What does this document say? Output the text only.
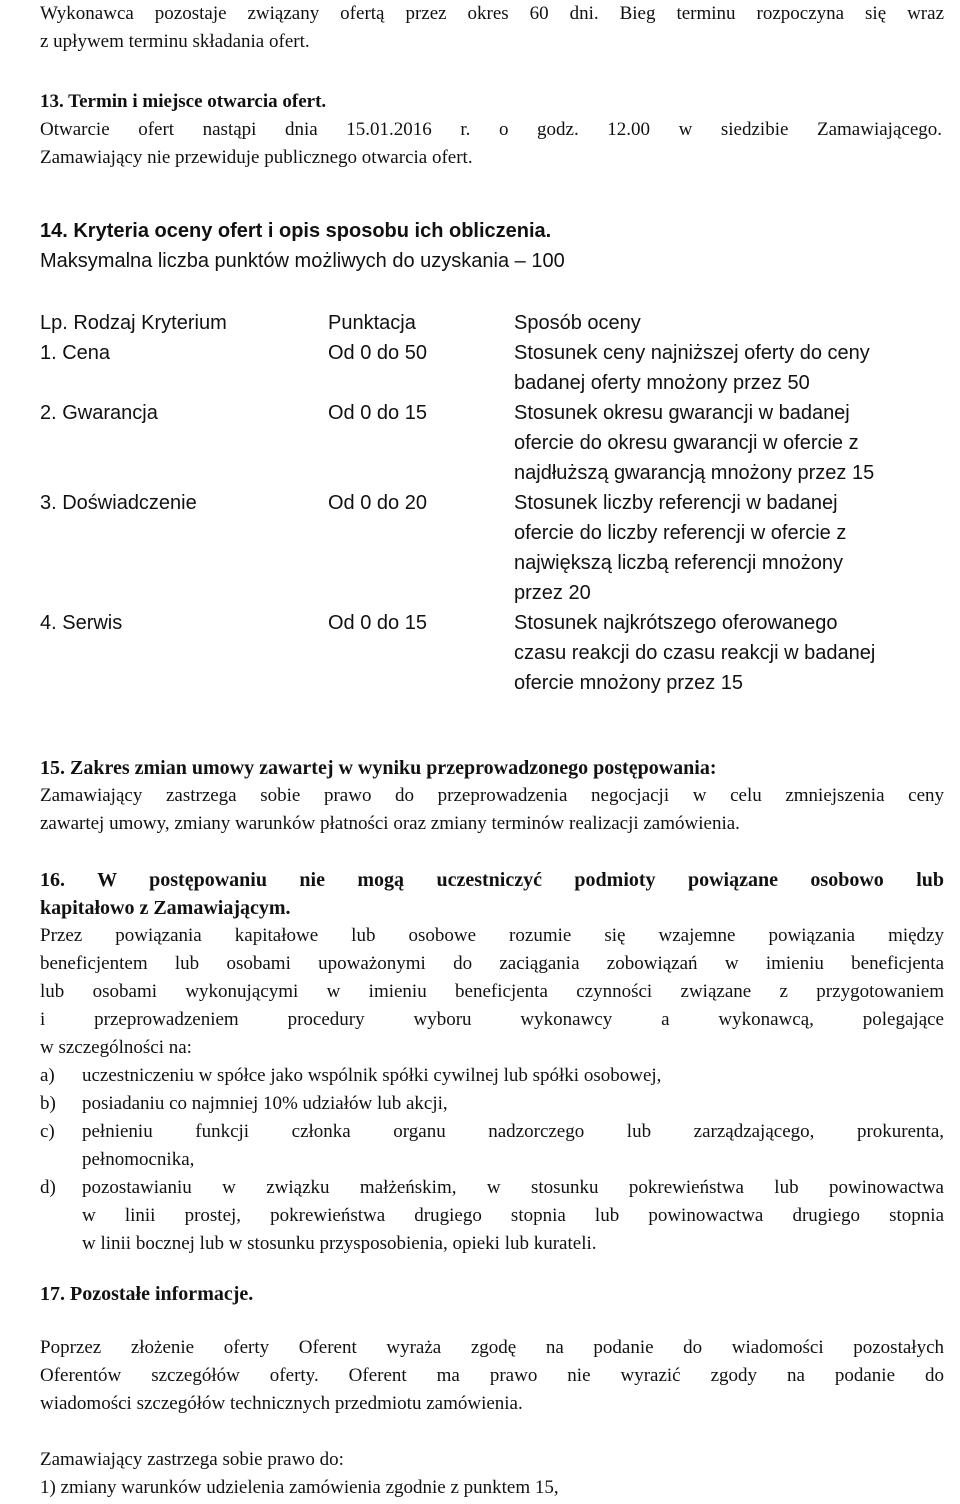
Wykonawca pozostaje związany ofertą przez okres 60 dni. Bieg terminu rozpoczyna się wraz

z upływem terminu składania ofert.

13. Termin i miejsce otwarcia ofert.

Otwarcie ofert nastąpi dnia 15.01.2016 r. o godz. 12.00 w siedzibie Zamawiającego.

Zamawiający nie przewiduje publicznego otwarcia ofert.

14. Kryteria oceny ofert i opis sposobu ich obliczenia.

Maksymalna liczba punktów możliwych do uzyskania – 100

Lp. Rodzaj Kryterium	Punktacja	Sposób oceny
1. Cena	Od 0 do 50	Stosunek ceny najniższej oferty do ceny
badanej oferty mnożony przez 50
2. Gwarancja	Od 0 do 15	Stosunek okresu gwarancji w badanej
ofercie do okresu gwarancji w ofercie z
najdłuższą gwarancją mnożony przez 15
3. Doświadczenie	Od 0 do 20	Stosunek liczby referencji w badanej
ofercie do liczby referencji w ofercie z
największą liczbą referencji mnożony
przez 20
4. Serwis	Od 0 do 15	Stosunek najkrótszego oferowanego
czasu reakcji do czasu reakcji w badanej
ofercie mnożony przez 15

15. Zakres zmian umowy zawartej w wyniku przeprowadzonego postępowania:

Zamawiający zastrzega sobie prawo do przeprowadzenia negocjacji w celu zmniejszenia ceny

zawartej umowy, zmiany warunków płatności oraz zmiany terminów realizacji zamówienia.

16. W postępowaniu nie mogą uczestniczyć podmioty powiązane osobowo lub

kapitałowo z Zamawiającym.

Przez powiązania kapitałowe lub osobowe rozumie się wzajemne powiązania między

beneficjentem lub osobami upoważonymi do zaciągania zobowiązań w imieniu beneficjenta

lub osobami wykonującymi w imieniu beneficjenta czynności związane z przygotowaniem

i przeprowadzeniem procedury wyboru wykonawcy a wykonawcą, polegające

w szczególności na:

a)	uczestniczeniu w spółce jako wspólnik spółki cywilnej lub spółki osobowej,
b)	posiadaniu co najmniej 10% udziałów lub akcji,
c)	pełnieniu funkcji członka organu nadzorczego lub zarządzającego, prokurenta,

pełnomocnika,

d)	pozostawianiu w związku małżeńskim, w stosunku pokrewieństwa lub powinowactwa

w linii prostej, pokrewieństwa drugiego stopnia lub powinowactwa drugiego stopnia

w linii bocznej lub w stosunku przysposobienia, opieki lub kurateli.

17. Pozostałe informacje.

Poprzez złożenie oferty Oferent wyraża zgodę na podanie do wiadomości pozostałych

Oferentów szczegółów oferty. Oferent ma prawo nie wyrazić zgody na podanie do

wiadomości szczegółów technicznych przedmiotu zamówienia.

Zamawiający zastrzega sobie prawo do:

1) zmiany warunków udzielenia zamówienia zgodnie z punktem 15,
